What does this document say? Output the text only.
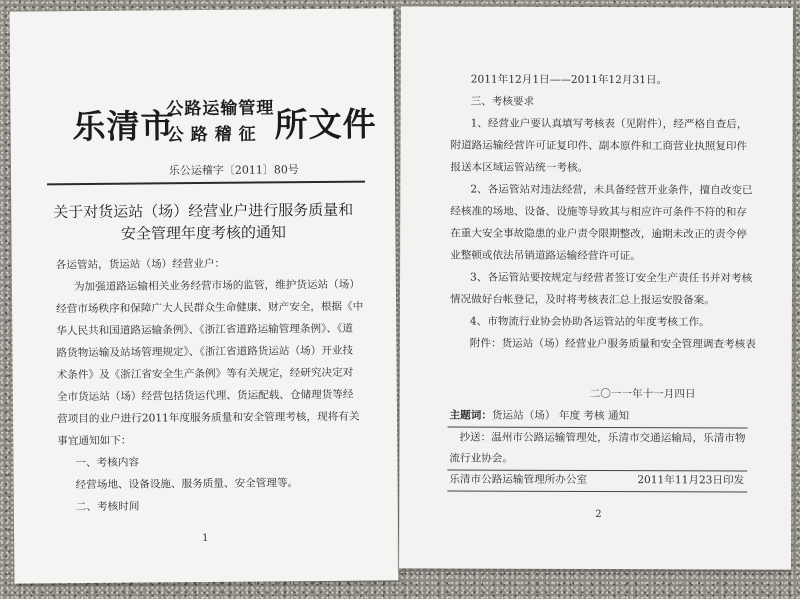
乐清市
公路运输管理
公路稽征 所文件
乐公运稽字〔2011〕80号
关于对货运站（场）经营业户进行服务质量和
安全管理年度考核的通知
各运管站，货运站（场）经营业户：
为加强道路运输相关业务经营市场的监管，维护货运站（场）
经营市场秩序和保障广大人民群众生命健康、财产安全，根据《中
华人民共和国道路运输条例》、《浙江省道路运输管理条例》、《道
路货物运输及站场管理规定》、《浙江省道路货运站（场）开业技
术条件》及《浙江省安全生产条例》等有关规定，经研究决定对
全市货运站（场）经营包括货运代理、货运配载、仓储理货等经
营项目的业户进行2011年度服务质量和安全管理考核，现将有关
事宜通知如下：
一、考核内容
经营场地、设备设施、服务质量、安全管理等。
二、考核时间
1
2011年12月1日——2011年12月31日。
三、考核要求
1、经营业户要认真填写考核表（见附件），经严格自查后，
附道路运输经营许可证复印件、副本原件和工商营业执照复印件
报送本区域运管站统一考核。
2、各运管站对违法经营，未具备经营开业条件，擅自改变已
经核准的场地、设备、设施等导致其与相应许可条件不符的和存
在重大安全事故隐患的业户责令限期整改，逾期未改正的责令停
业整顿或依法吊销道路运输经营许可证。
3、各运管站要按规定与经营者签订安全生产责任书并对考核
情况做好台帐登记，及时将考核表汇总上报运安股备案。
4、市物流行业协会协助各运管站的年度考核工作。
附件：货运站（场）经营业户服务质量和安全管理调查考核表
二〇一一年十一月四日
主题词：货运站（场） 年度 考核 通知
抄送：温州市公路运输管理处，乐清市交通运输局，乐清市物
流行业协会。
乐清市公路运输管理所办公室	2011年11月23日印发
2
